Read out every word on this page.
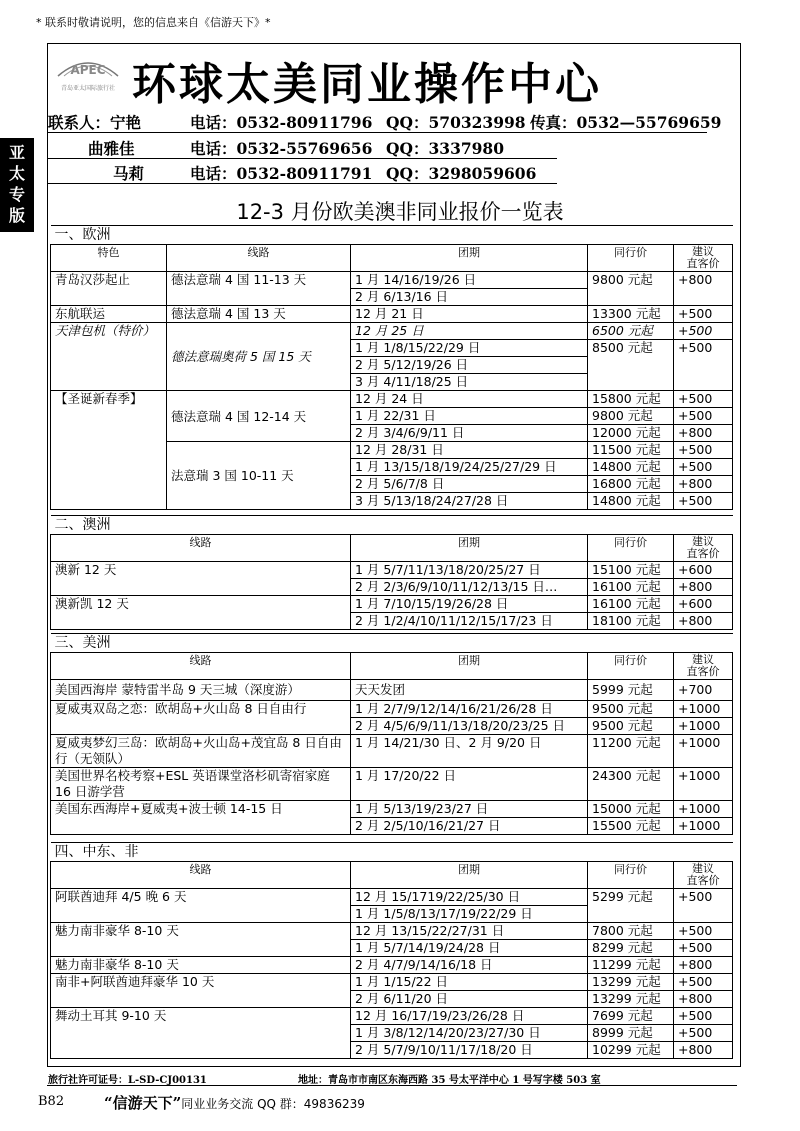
* 联系时敬请说明，您的信息来自《信游天下》*
亚
太
专
版
APEC
青岛亚太国际旅行社 环球太美同业操作中心
联系人：宁艳	电话：0532-80911796 QQ：570323998 传真：0532—55769659
曲雅佳	电话：0532-55769656 QQ：3337980
马莉	电话：0532-80911791 QQ：3298059606
12-3 月份欧美澳非同业报价一览表
一、欧洲				
特色	线路	团期	同行价	建议
直客价
青岛汉莎起止	德法意瑞 4 国 11-13 天	1 月 14/16/19/26 日	9800 元起	+800
		2 月 6/13/16 日		
东航联运	德法意瑞 4 国 13 天	12 月 21 日	13300 元起	+500
天津包机（特价）	德法意瑞奥荷 5 国 15 天	12 月 25 日	6500 元起	+500
		1 月 1/8/15/22/29 日	8500 元起	+500
		2 月 5/12/19/26 日		
		3 月 4/11/18/25 日		
【圣诞新春季】	德法意瑞 4 国 12-14 天	12 月 24 日	15800 元起	+500
		1 月 22/31 日	9800 元起	+500
		2 月 3/4/6/9/11 日	12000 元起	+800
	法意瑞 3 国 10-11 天	12 月 28/31 日	11500 元起	+500
		1 月 13/15/18/19/24/25/27/29 日	14800 元起	+500
		2 月 5/6/7/8 日	16800 元起	+800
		3 月 5/13/18/24/27/28 日	14800 元起	+500
二、澳洲			
线路	团期	同行价	建议
直客价
澳新 12 天	1 月 5/7/11/13/18/20/25/27 日	15100 元起	+600
	2 月 2/3/6/9/10/11/12/13/15 日…	16100 元起	+800
澳新凯 12 天	1 月 7/10/15/19/26/28 日	16100 元起	+600
	2 月 1/2/4/10/11/12/15/17/23 日	18100 元起	+800
三、美洲			
线路	团期	同行价	建议
直客价
美国西海岸 蒙特雷半岛 9 天三城（深度游）	天天发团	5999 元起	+700
夏威夷双岛之恋：欧胡岛+火山岛 8 日自由行	1 月 2/7/9/12/14/16/21/26/28 日	9500 元起	+1000
	2 月 4/5/6/9/11/13/18/20/23/25 日	9500 元起	+1000
夏威夷梦幻三岛：欧胡岛+火山岛+茂宜岛 8 日自由行（无领队）	1 月 14/21/30 日、2 月 9/20 日	11200 元起	+1000
美国世界名校考察+ESL 英语课堂洛杉矶寄宿家庭 16 日游学营	1 月 17/20/22 日	24300 元起	+1000
美国东西海岸+夏威夷+波士顿 14-15 日	1 月 5/13/19/23/27 日	15000 元起	+1000
	2 月 2/5/10/16/21/27 日	15500 元起	+1000
四、中东、非			
线路	团期	同行价	建议
直客价
阿联酋迪拜 4/5 晚 6 天	12 月 15/1719/22/25/30 日	5299 元起	+500
	1 月 1/5/8/13/17/19/22/29 日		
魅力南非豪华 8-10 天	12 月 13/15/22/27/31 日	7800 元起	+500
	1 月 5/7/14/19/24/28 日	8299 元起	+500
魅力南非豪华 8-10 天	2 月 4/7/9/14/16/18 日	11299 元起	+800
南非+阿联酋迪拜豪华 10 天	1 月 1/15/22 日	13299 元起	+500
	2 月 6/11/20 日	13299 元起	+800
舞动土耳其 9-10 天	12 月 16/17/19/23/26/28 日	7699 元起	+500
	1 月 3/8/12/14/20/23/27/30 日	8999 元起	+500
	2 月 5/7/9/10/11/17/18/20 日	10299 元起	+800
旅行社许可证号：L-SD-CJ00131	地址：青岛市市南区东海西路 35 号太平洋中心 1 号写字楼 503 室
B82	“信游天下”同业业务交流 QQ 群：49836239
